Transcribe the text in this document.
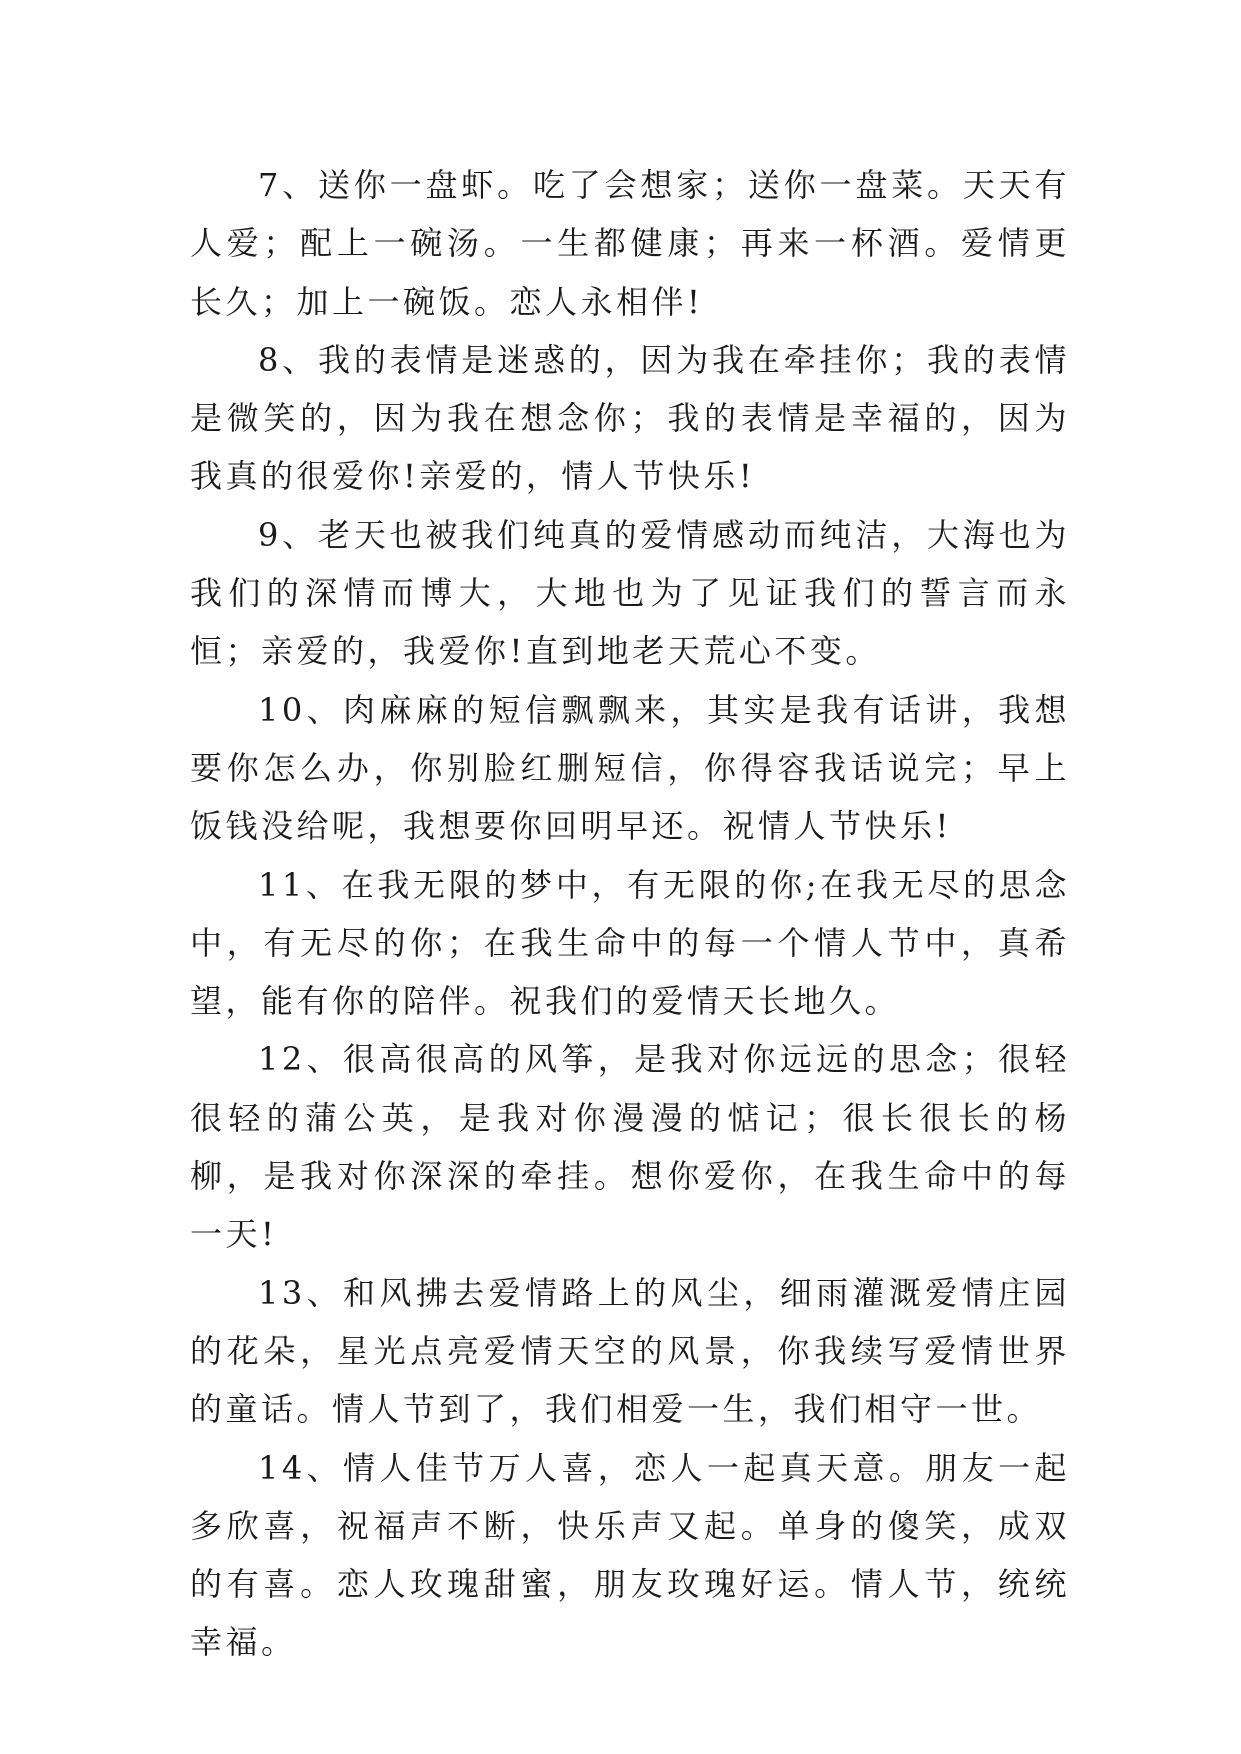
7、送你一盘虾。吃了会想家；送你一盘菜。天天有人爱；配上一碗汤。一生都健康；再来一杯酒。爱情更长久；加上一碗饭。恋人永相伴!

8、我的表情是迷惑的，因为我在牵挂你；我的表情是微笑的，因为我在想念你；我的表情是幸福的，因为我真的很爱你!亲爱的，情人节快乐!

9、老天也被我们纯真的爱情感动而纯洁，大海也为我们的深情而博大，大地也为了见证我们的誓言而永恒；亲爱的，我爱你!直到地老天荒心不变。

10、肉麻麻的短信飘飘来，其实是我有话讲，我想要你怎么办，你别脸红删短信，你得容我话说完；早上饭钱没给呢，我想要你回明早还。祝情人节快乐!

11、在我无限的梦中，有无限的你;在我无尽的思念中，有无尽的你；在我生命中的每一个情人节中，真希望，能有你的陪伴。祝我们的爱情天长地久。

12、很高很高的风筝，是我对你远远的思念；很轻很轻的蒲公英，是我对你漫漫的惦记；很长很长的杨柳，是我对你深深的牵挂。想你爱你，在我生命中的每一天!

13、和风拂去爱情路上的风尘，细雨灌溉爱情庄园的花朵，星光点亮爱情天空的风景，你我续写爱情世界的童话。情人节到了，我们相爱一生，我们相守一世。

14、情人佳节万人喜，恋人一起真天意。朋友一起多欣喜，祝福声不断，快乐声又起。单身的傻笑，成双的有喜。恋人玫瑰甜蜜，朋友玫瑰好运。情人节，统统幸福。
